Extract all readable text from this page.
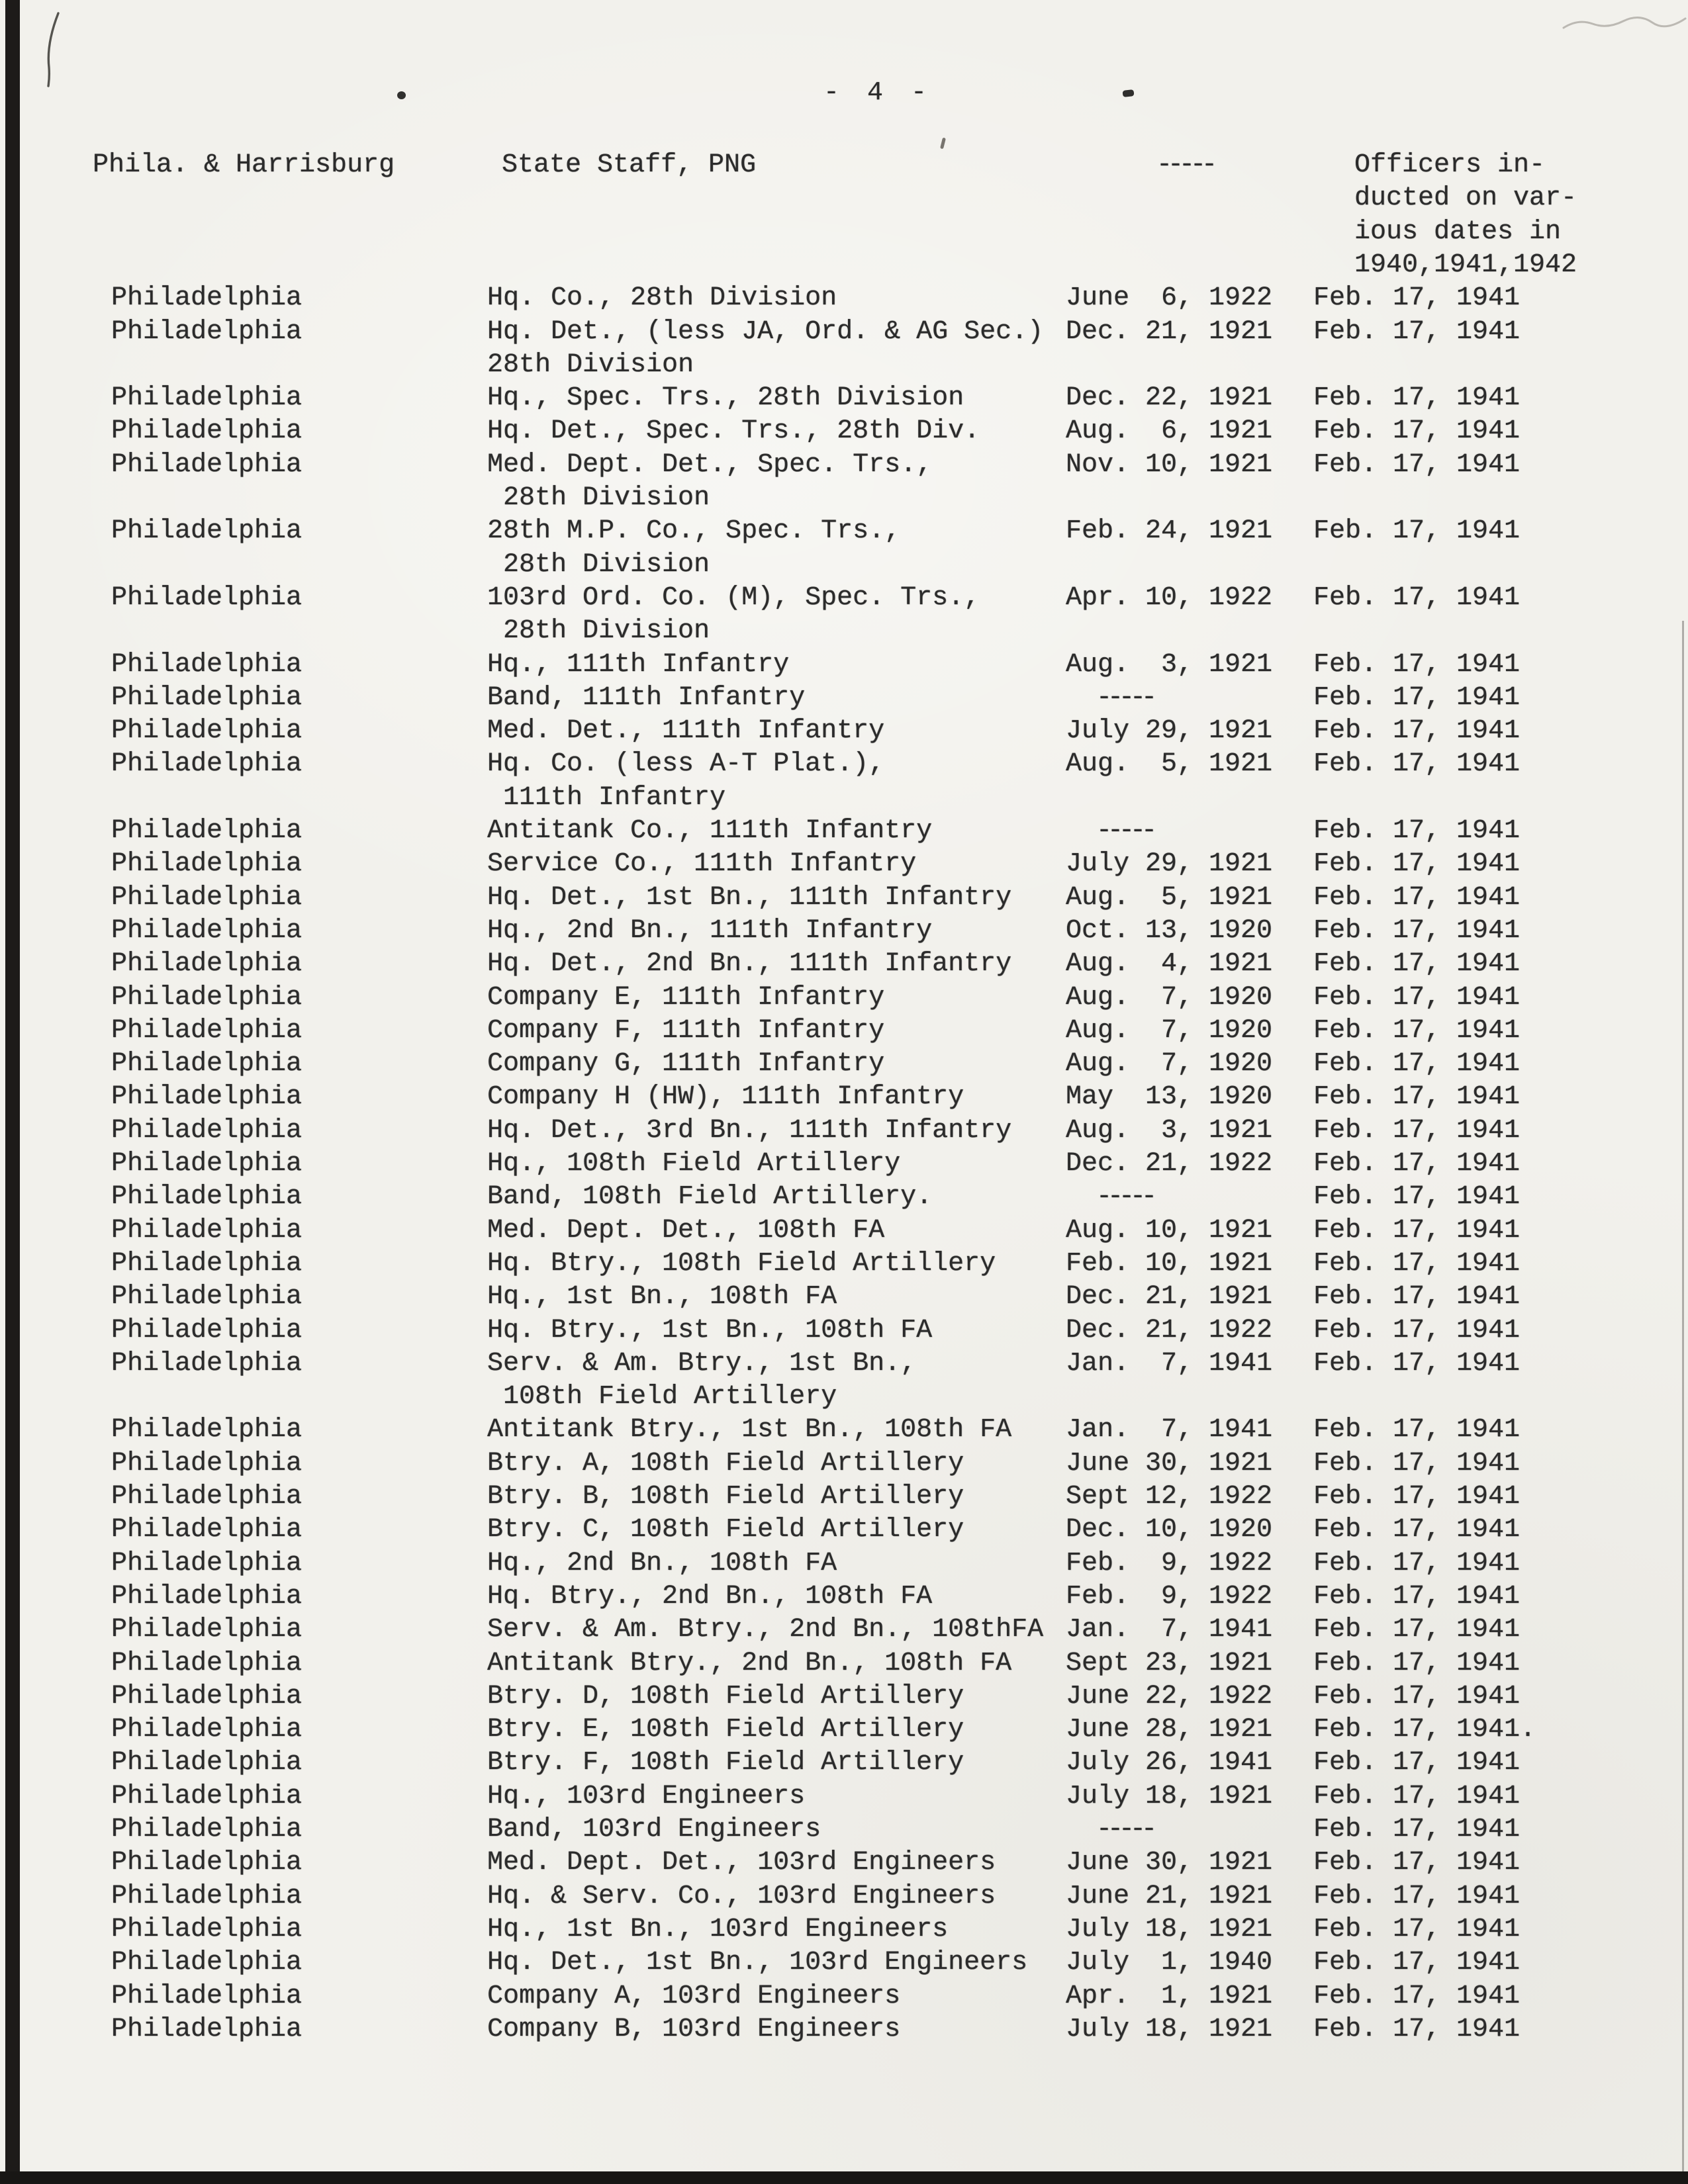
- 4 -
Phila. & Harrisburg	State Staff, PNG	-----	Officers in-
ducted on var-
ious dates in
1940,1941,1942
Philadelphia	Hq. Co., 28th Division	June  6, 1922 Feb. 17, 1941
Philadelphia	Hq. Det., (less JA, Ord. & AG Sec.) Dec. 21, 1921 Feb. 17, 1941
28th Division
Philadelphia	Hq., Spec. Trs., 28th Division	Dec. 22, 1921 Feb. 17, 1941
Philadelphia	Hq. Det., Spec. Trs., 28th Div.	Aug.  6, 1921 Feb. 17, 1941
Philadelphia	Med. Dept. Det., Spec. Trs.,	Nov. 10, 1921 Feb. 17, 1941
28th Division
Philadelphia	28th M.P. Co., Spec. Trs.,	Feb. 24, 1921 Feb. 17, 1941
28th Division
Philadelphia	103rd Ord. Co. (M), Spec. Trs.,	Apr. 10, 1922 Feb. 17, 1941
28th Division
Philadelphia	Hq., 111th Infantry	Aug.  3, 1921 Feb. 17, 1941
Philadelphia	Band, 111th Infantry	-----	Feb. 17, 1941
Philadelphia	Med. Det., 111th Infantry	July 29, 1921 Feb. 17, 1941
Philadelphia	Hq. Co. (less A-T Plat.),	Aug.  5, 1921 Feb. 17, 1941
111th Infantry
Philadelphia	Antitank Co., 111th Infantry	-----	Feb. 17, 1941
Philadelphia	Service Co., 111th Infantry	July 29, 1921 Feb. 17, 1941
Philadelphia	Hq. Det., 1st Bn., 111th Infantry Aug.  5, 1921 Feb. 17, 1941
Philadelphia	Hq., 2nd Bn., 111th Infantry	Oct. 13, 1920 Feb. 17, 1941
Philadelphia	Hq. Det., 2nd Bn., 111th Infantry Aug.  4, 1921 Feb. 17, 1941
Philadelphia	Company E, 111th Infantry	Aug.  7, 1920 Feb. 17, 1941
Philadelphia	Company F, 111th Infantry	Aug.  7, 1920 Feb. 17, 1941
Philadelphia	Company G, 111th Infantry	Aug.  7, 1920 Feb. 17, 1941
Philadelphia	Company H (HW), 111th Infantry	May  13, 1920 Feb. 17, 1941
Philadelphia	Hq. Det., 3rd Bn., 111th Infantry Aug.  3, 1921 Feb. 17, 1941
Philadelphia	Hq., 108th Field Artillery	Dec. 21, 1922 Feb. 17, 1941
Philadelphia	Band, 108th Field Artillery.	-----	Feb. 17, 1941
Philadelphia	Med. Dept. Det., 108th FA	Aug. 10, 1921 Feb. 17, 1941
Philadelphia	Hq. Btry., 108th Field Artillery	Feb. 10, 1921 Feb. 17, 1941
Philadelphia	Hq., 1st Bn., 108th FA	Dec. 21, 1921 Feb. 17, 1941
Philadelphia	Hq. Btry., 1st Bn., 108th FA	Dec. 21, 1922 Feb. 17, 1941
Philadelphia	Serv. & Am. Btry., 1st Bn.,	Jan.  7, 1941 Feb. 17, 1941
108th Field Artillery
Philadelphia	Antitank Btry., 1st Bn., 108th FA Jan.  7, 1941 Feb. 17, 1941
Philadelphia	Btry. A, 108th Field Artillery	June 30, 1921 Feb. 17, 1941
Philadelphia	Btry. B, 108th Field Artillery	Sept 12, 1922 Feb. 17, 1941
Philadelphia	Btry. C, 108th Field Artillery	Dec. 10, 1920 Feb. 17, 1941
Philadelphia	Hq., 2nd Bn., 108th FA	Feb.  9, 1922 Feb. 17, 1941
Philadelphia	Hq. Btry., 2nd Bn., 108th FA	Feb.  9, 1922 Feb. 17, 1941
Philadelphia	Serv. & Am. Btry., 2nd Bn., 108thFA Jan.  7, 1941 Feb. 17, 1941
Philadelphia	Antitank Btry., 2nd Bn., 108th FA Sept 23, 1921 Feb. 17, 1941
Philadelphia	Btry. D, 108th Field Artillery	June 22, 1922 Feb. 17, 1941
Philadelphia	Btry. E, 108th Field Artillery	June 28, 1921 Feb. 17, 1941.
Philadelphia	Btry. F, 108th Field Artillery	July 26, 1941 Feb. 17, 1941
Philadelphia	Hq., 103rd Engineers	July 18, 1921 Feb. 17, 1941
Philadelphia	Band, 103rd Engineers	-----	Feb. 17, 1941
Philadelphia	Med. Dept. Det., 103rd Engineers	June 30, 1921 Feb. 17, 1941
Philadelphia	Hq. & Serv. Co., 103rd Engineers	June 21, 1921 Feb. 17, 1941
Philadelphia	Hq., 1st Bn., 103rd Engineers	July 18, 1921 Feb. 17, 1941
Philadelphia	Hq. Det., 1st Bn., 103rd Engineers July  1, 1940 Feb. 17, 1941
Philadelphia	Company A, 103rd Engineers	Apr.  1, 1921 Feb. 17, 1941
Philadelphia	Company B, 103rd Engineers	July 18, 1921 Feb. 17, 1941
